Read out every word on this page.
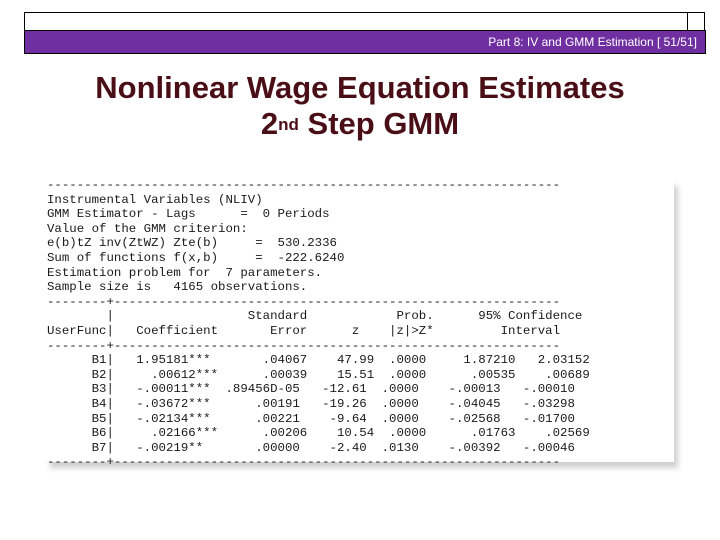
Part 8: IV and GMM Estimation [ 51/51]
Nonlinear Wage Equation Estimates
2nd Step GMM
---------------------------------------------------------------------
Instrumental Variables (NLIV)
GMM Estimator - Lags      =  0 Periods
Value of the GMM criterion:
e(b)tZ inv(ZtWZ) Zte(b)     =  530.2336
Sum of functions f(x,b)     =  -222.6240
Estimation problem for  7 parameters.
Sample size is   4165 observations.
--------+------------------------------------------------------------
|                  Standard            Prob.      95% Confidence
UserFunc|   Coefficient       Error      z    |z|>Z*         Interval
--------+------------------------------------------------------------
B1|   1.95181***       .04067    47.99  .0000     1.87210   2.03152
B2|     .00612***      .00039    15.51  .0000      .00535    .00689
B3|   -.00011***  .89456D-05   -12.61  .0000    -.00013   -.00010
B4|   -.03672***      .00191   -19.26  .0000    -.04045   -.03298
B5|   -.02134***      .00221    -9.64  .0000    -.02568   -.01700
B6|     .02166***      .00206    10.54  .0000      .01763    .02569
B7|   -.00219**       .00000    -2.40  .0130    -.00392   -.00046
--------+------------------------------------------------------------
